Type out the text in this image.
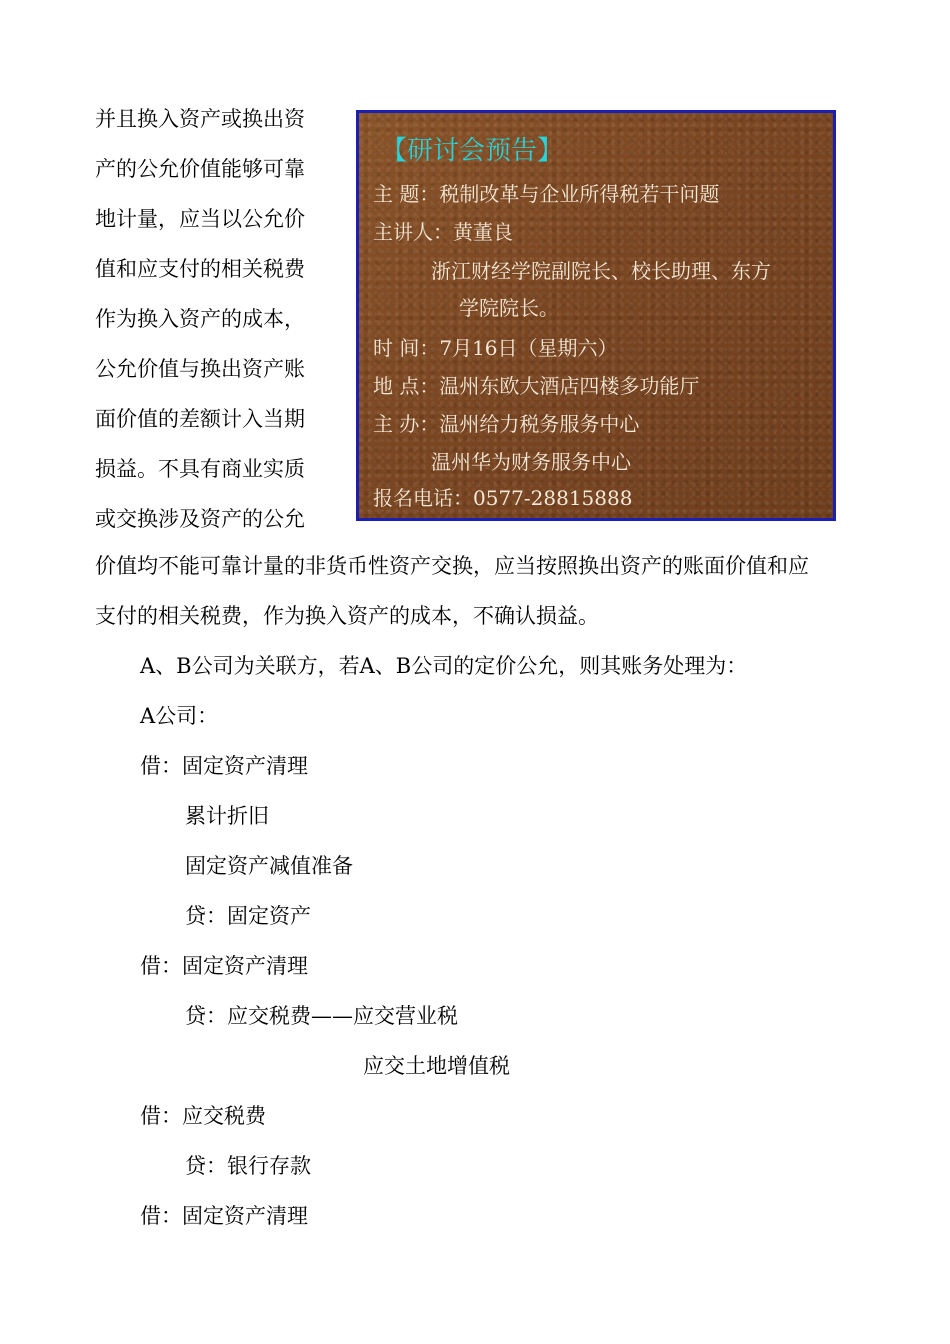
并且换入资产或换出资
产的公允价值能够可靠
地计量，应当以公允价
值和应支付的相关税费
作为换入资产的成本，
公允价值与换出资产账
面价值的差额计入当期
损益。不具有商业实质
或交换涉及资产的公允
【研讨会预告】
主 题：税制改革与企业所得税若干问题
主讲人：黄董良
浙江财经学院副院长、校长助理、东方
学院院长。
时 间：7月16日（星期六）
地 点：温州东欧大酒店四楼多功能厅
主 办：温州给力税务服务中心
温州华为财务服务中心
报名电话：0577-28815888
价值均不能可靠计量的非货币性资产交换，应当按照换出资产的账面价值和应
支付的相关税费，作为换入资产的成本，不确认损益。
A、B公司为关联方，若A、B公司的定价公允，则其账务处理为：
A公司：
借：固定资产清理
累计折旧
固定资产减值准备
贷：固定资产
借：固定资产清理
贷：应交税费——应交营业税
应交土地增值税
借：应交税费
贷：银行存款
借：固定资产清理
